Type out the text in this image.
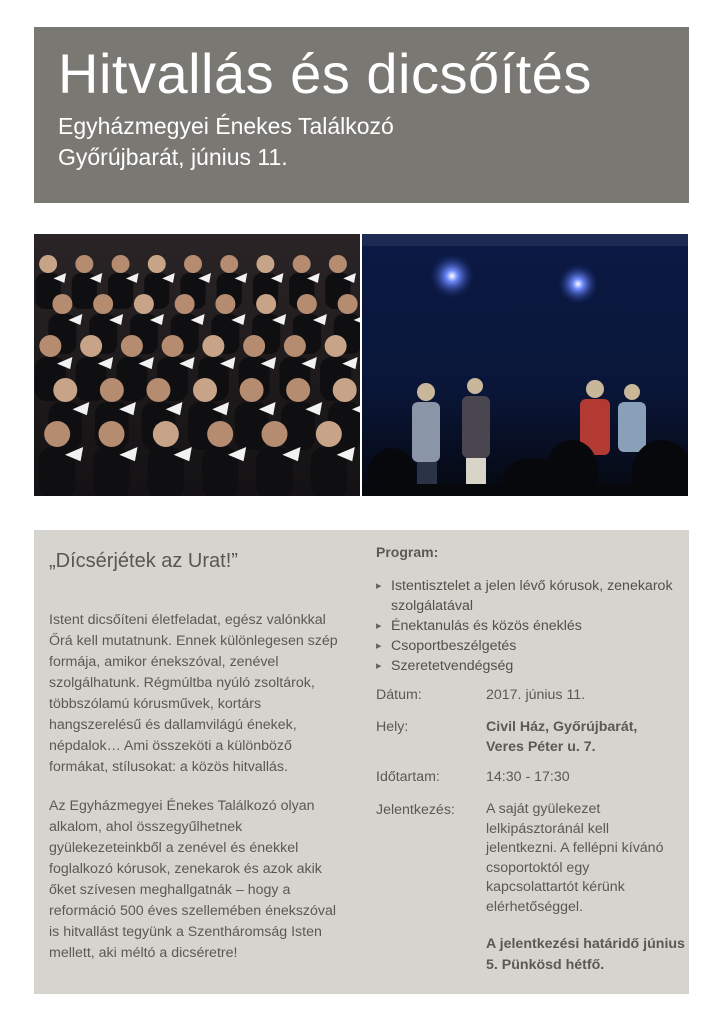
Hitvallás és dicsőítés
Egyházmegyei Énekes Találkozó
Győrújbarát, június 11.
„Dícsérjétek az Urat!”

Istent dicsőíteni életfeladat, egész valónkkal Őrá kell mutatnunk. Ennek különlegesen szép formája, amikor énekszóval, zenével szolgálhatunk. Régmúltba nyúló zsoltárok, többszólamú kórusművek, kortárs hangszerelésű és dallamvilágú énekek, népdalok… Ami összeköti a különböző formákat, stílusokat: a közös hitvallás.

Az Egyházmegyei Énekes Találkozó olyan alkalom, ahol összegyűlhetnek gyülekezeteinkből a zenével és énekkel foglalkozó kórusok, zenekarok és azok akik őket szívesen meghallgatnák – hogy a reformáció 500 éves szellemében énekszóval is hitvallást tegyünk a Szentháromság Isten mellett, aki méltó a dicséretre!

Program:
▸ Istentisztelet a jelen lévő kórusok, zenekarok szolgálatával
▸ Énektanulás és közös éneklés
▸ Csoportbeszélgetés
▸ Szeretetvendégség
Dátum:	2017. június 11.
Hely:	Civil Ház, Győrújbarát, Veres Péter u. 7.
Időtartam:	14:30 - 17:30
Jelentkezés: A saját gyülekezet lelkipásztoránál kell jelentkezni. A fellépni kívánó csoportoktól egy kapcsolattartót kérünk elérhetőséggel.
A jelentkezési határidő június 5. Pünkösd hétfő.
